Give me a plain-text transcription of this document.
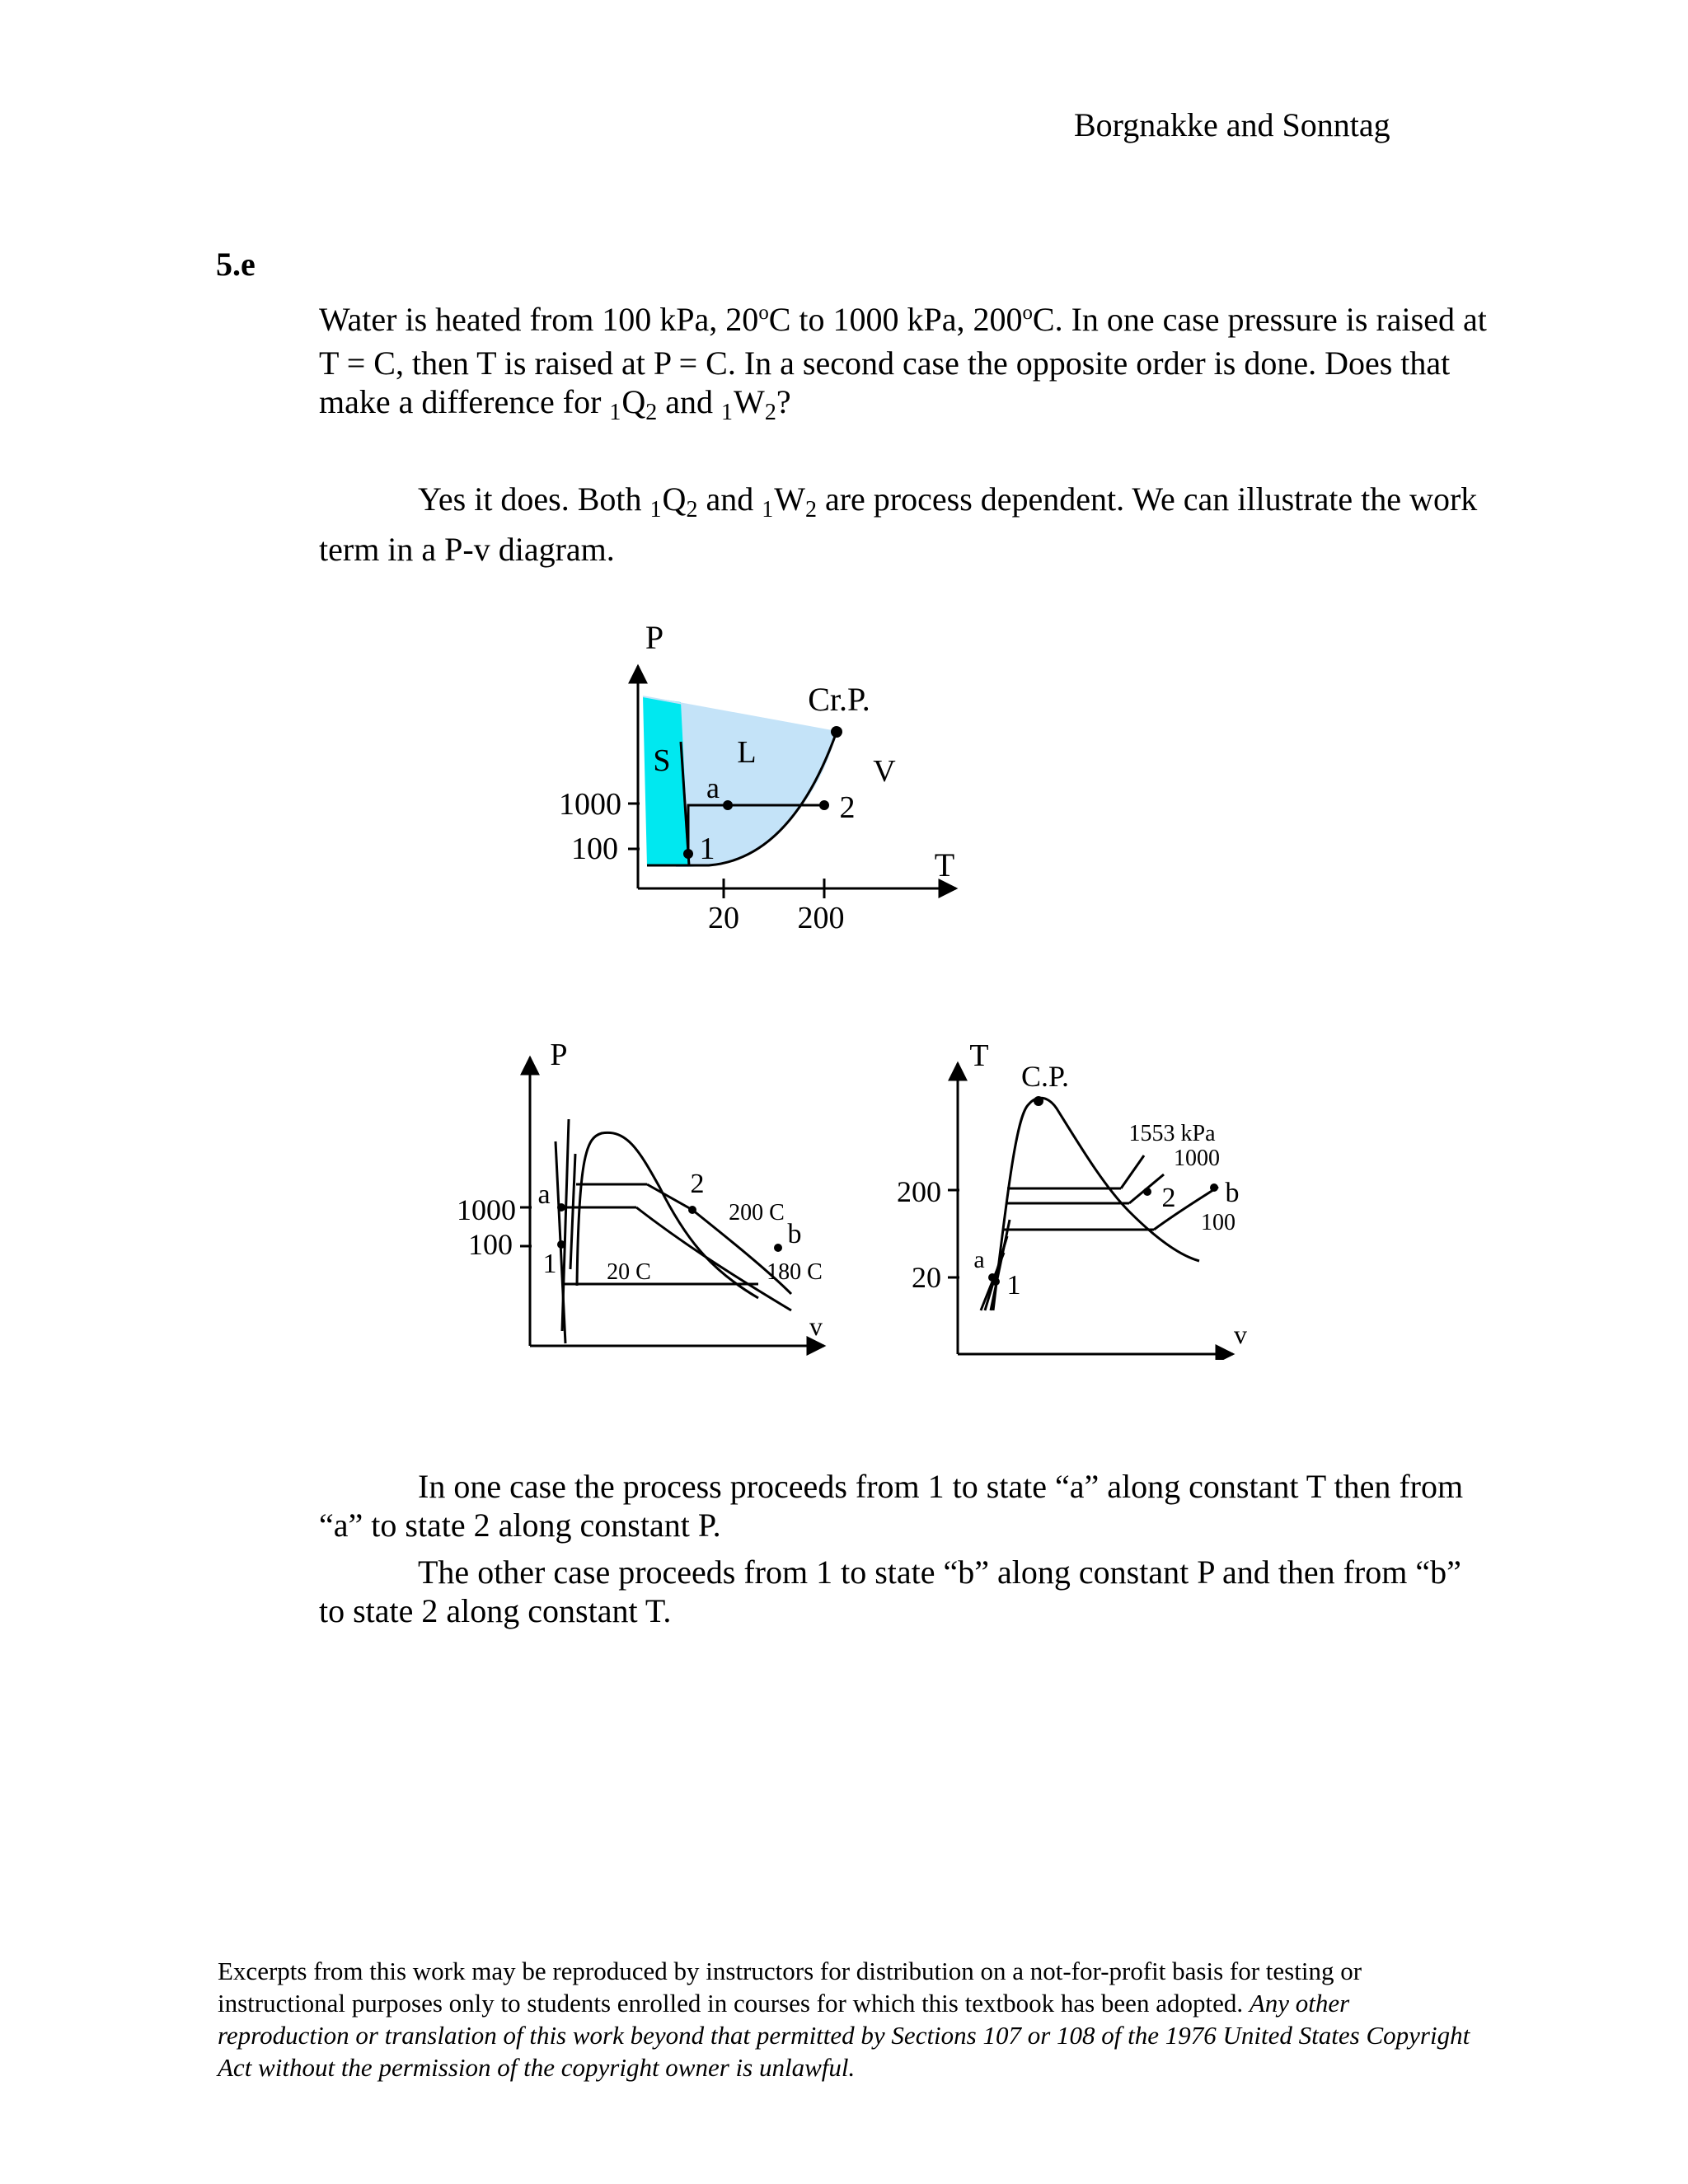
Borgnakke and Sonntag
5.e
Water is heated from 100 kPa, 20$^o$C to 1000 kPa, 200$^o$C. In one case pressure is raised at T = C, then T is raised at P = C. In a second case the opposite order is done. Does that make a difference for $_1Q_2$ and $_1W_2$?
Yes it does. Both $_1Q_2$ and $_1W_2$ are process dependent. We can illustrate the work term in a P-v diagram.
P
Cr.P.
S L
V
a
2
1
1000
100	T
20 200
P
1000
100
a
1
2
200 C
b
20 C	180 C
v
T
C.P.
200
20
1553 kPa
1000
2 b
100
a
1
v
In one case the process proceeds from 1 to state “a” along constant T then from “a” to state 2 along constant P.
The other case proceeds from 1 to state “b” along constant P and then from “b” to state 2 along constant T.
Excerpts from this work may be reproduced by instructors for distribution on a not-for-profit basis for testing or instructional purposes only to students enrolled in courses for which this textbook has been adopted. Any other reproduction or translation of this work beyond that permitted by Sections 107 or 108 of the 1976 United States Copyright Act without the permission of the copyright owner is unlawful.
